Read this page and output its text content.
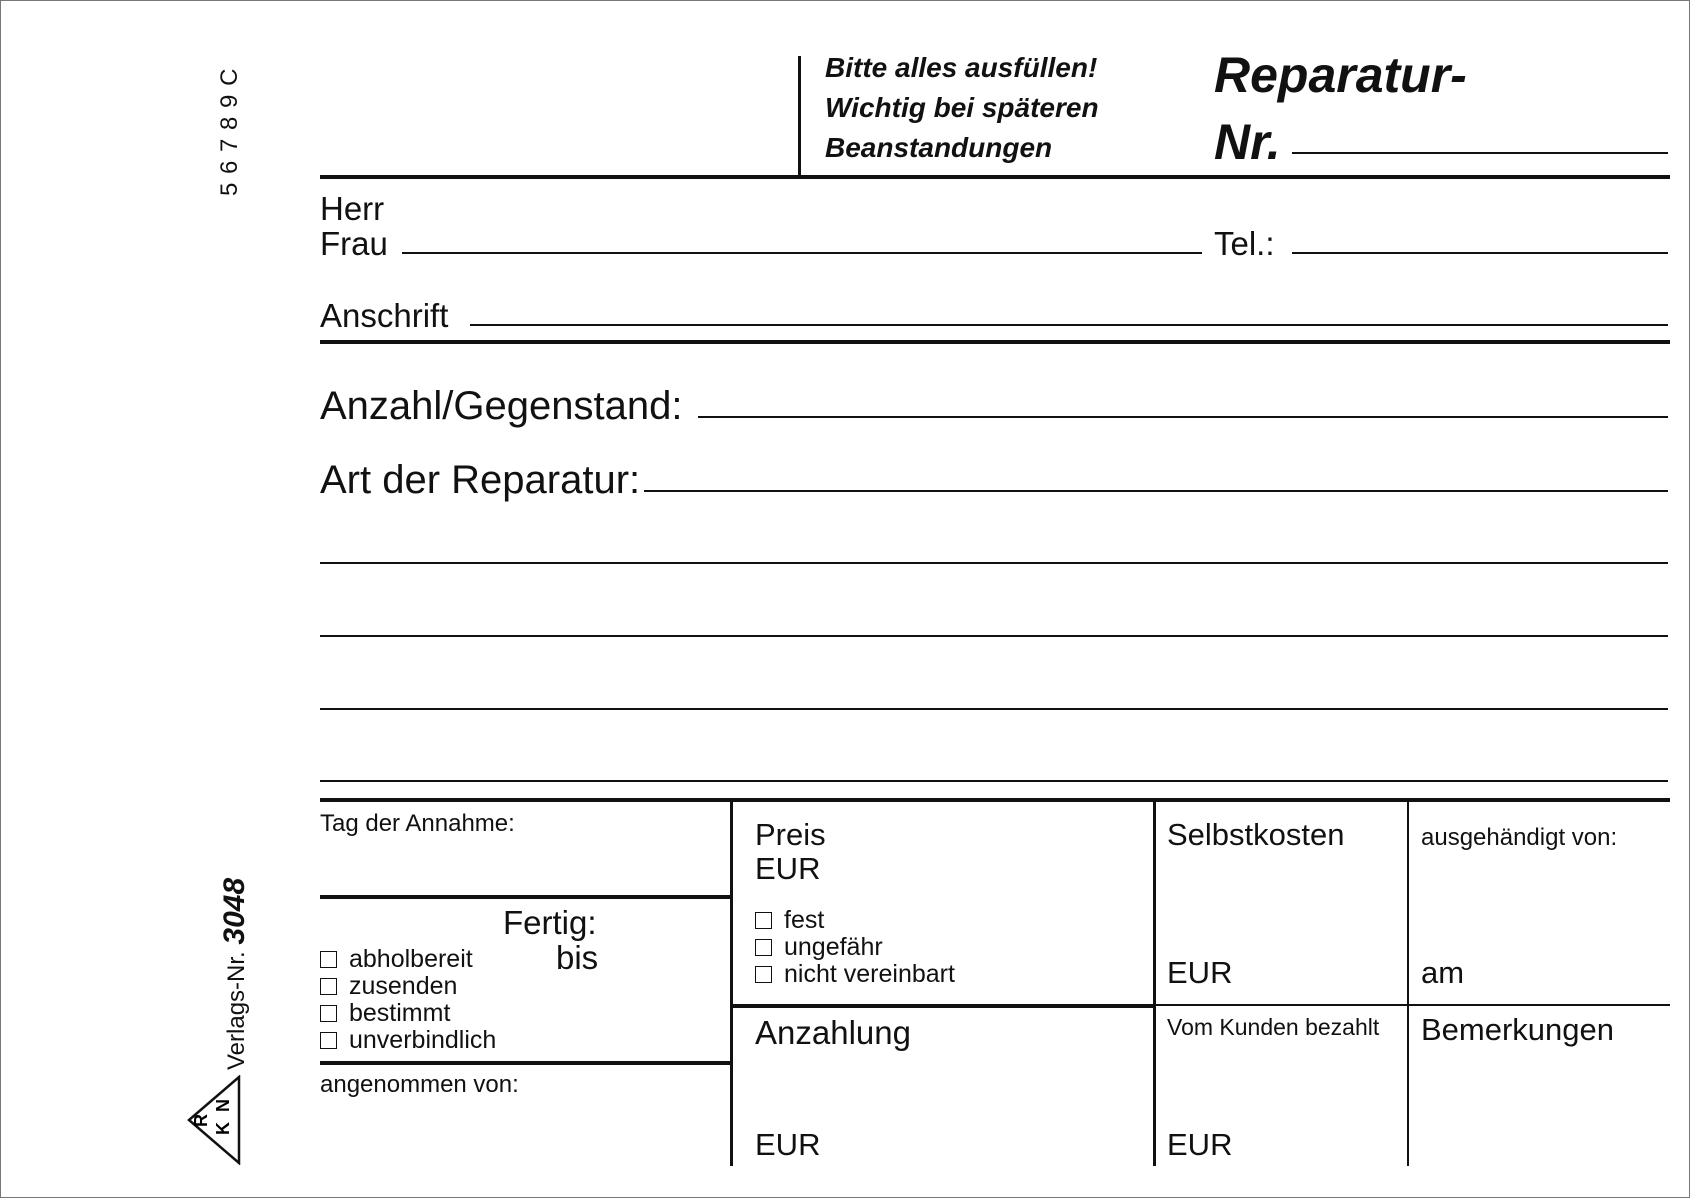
5 6 7 8 9 C
Verlags-Nr. 3048
R
N
K
Bitte alles ausfüllen!
Wichtig bei späteren
Beanstandungen
Reparatur-
Nr.
Herr
Frau	Tel.:
Anschrift
Anzahl/Gegenstand:
Art der Reparatur:
Tag der Annahme:
Fertig:
bis
abholbereit
zusenden
bestimmt
unverbindlich
angenommen von:
Preis
EUR
fest
ungefähr
nicht vereinbart
Anzahlung
EUR
Selbstkosten
EUR
Vom Kunden bezahlt
EUR
ausgehändigt von:
am
Bemerkungen
